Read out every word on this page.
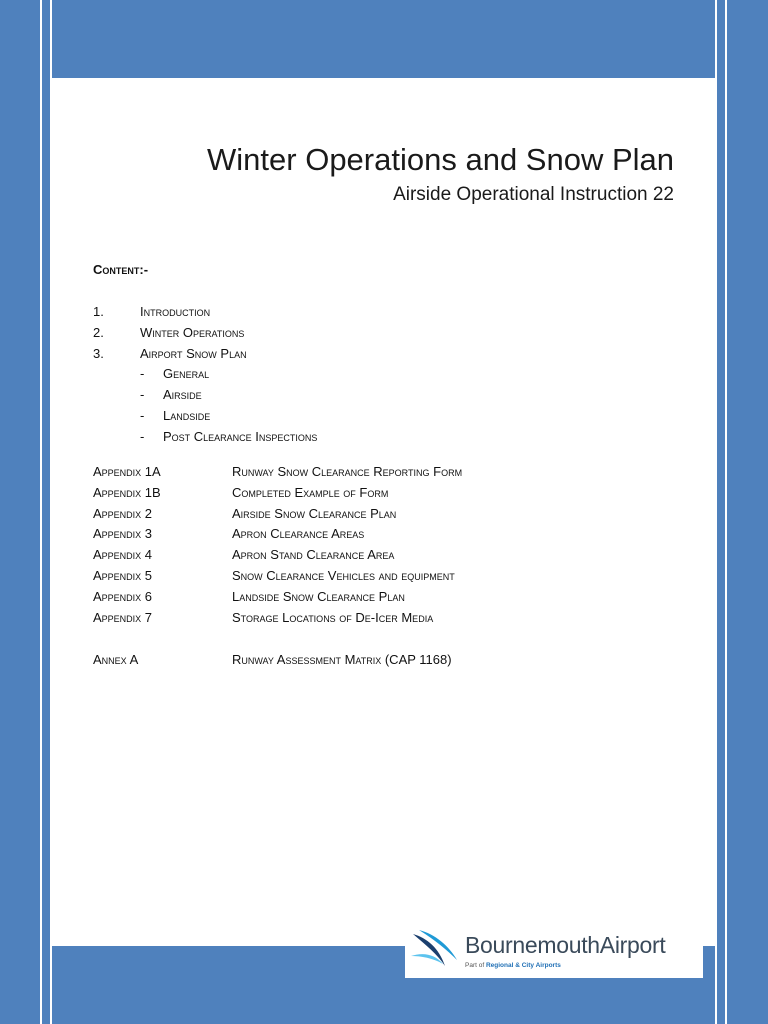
Winter Operations and Snow Plan
Airside Operational Instruction 22
Content:-
1.	Introduction
2.	Winter Operations
3.	Airport Snow Plan
- General
- Airside
- Landside
- Post Clearance Inspections
Appendix 1A	Runway Snow Clearance Reporting Form
Appendix 1B	Completed Example of Form
Appendix 2	Airside Snow Clearance Plan
Appendix 3	Apron Clearance Areas
Appendix 4	Apron Stand Clearance Area
Appendix 5	Snow Clearance Vehicles and equipment
Appendix 6	Landside Snow Clearance Plan
Appendix 7	Storage Locations of De-Icer Media
Annex A	Runway Assessment Matrix (CAP 1168)
BournemouthAirport
Part of Regional & City Airports
